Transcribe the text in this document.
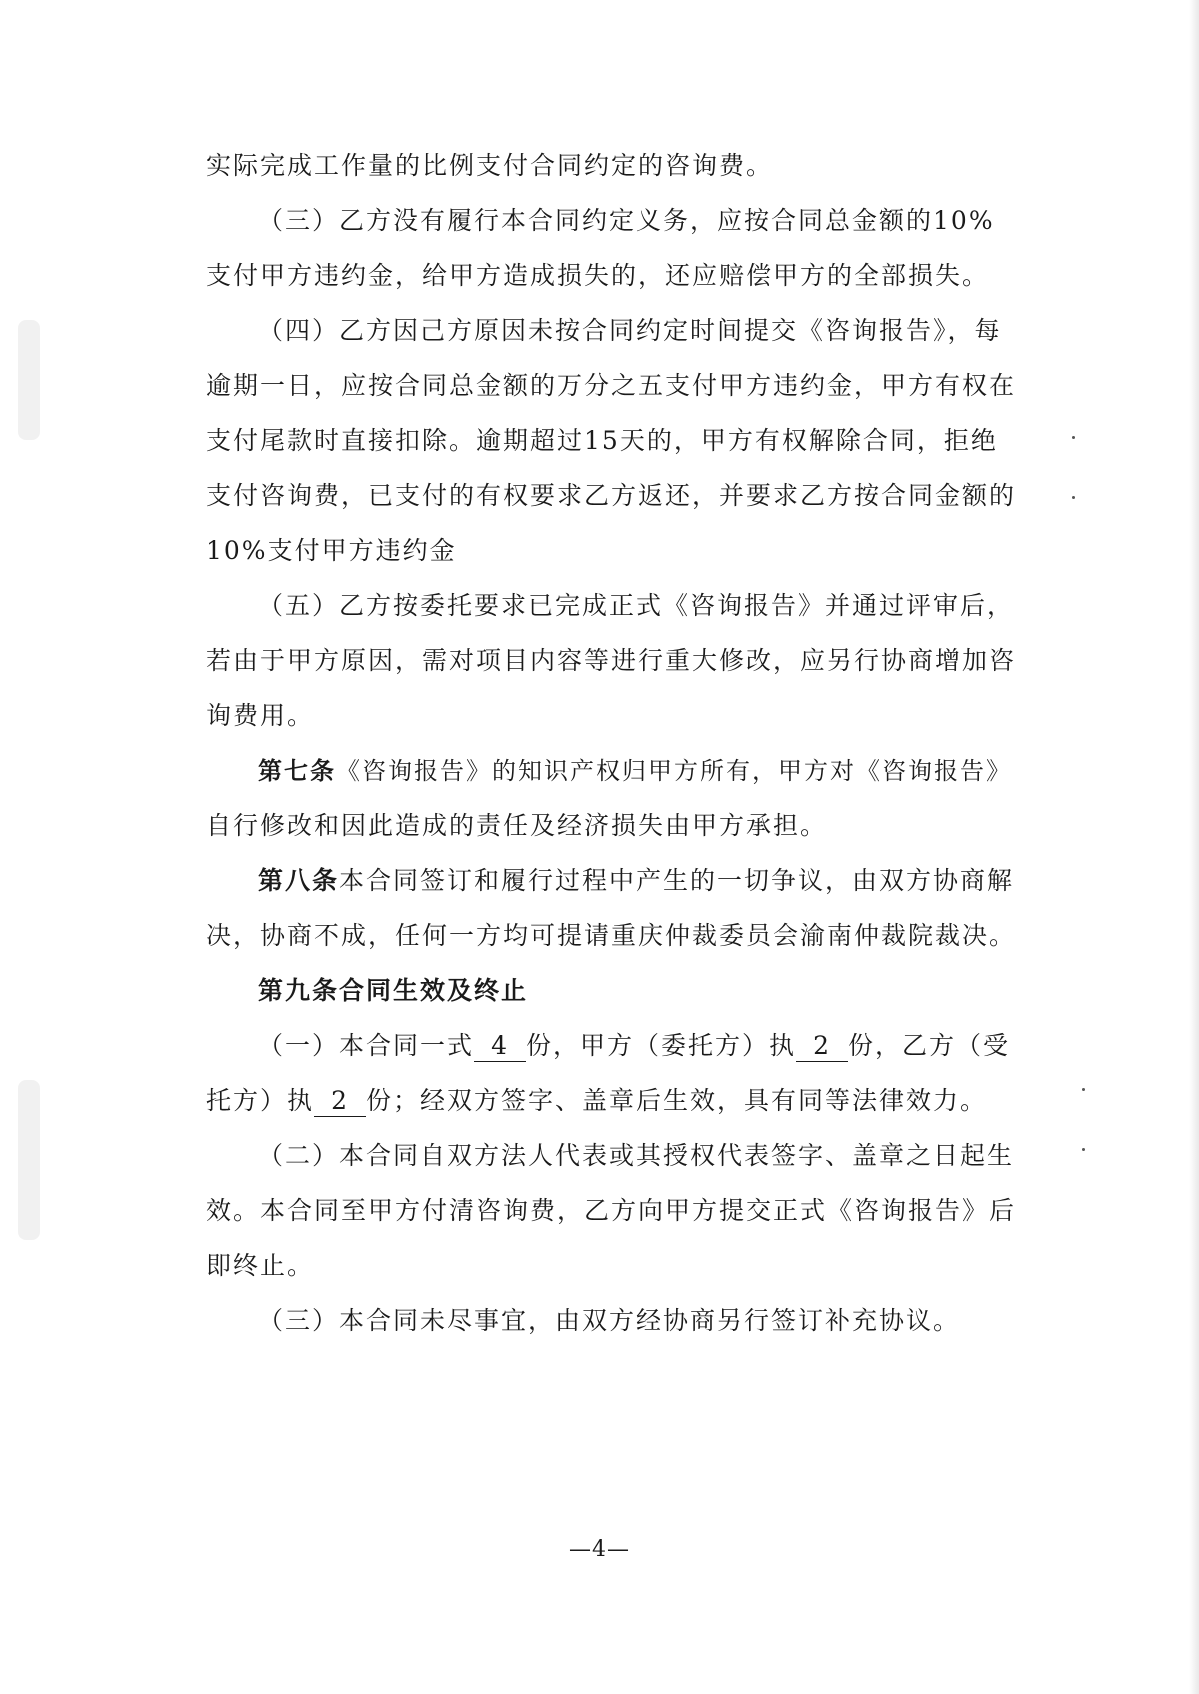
实际完成工作量的比例支付合同约定的咨询费。
（三）乙方没有履行本合同约定义务，应按合同总金额的10%
支付甲方违约金，给甲方造成损失的，还应赔偿甲方的全部损失。
（四）乙方因己方原因未按合同约定时间提交《咨询报告》，每
逾期一日，应按合同总金额的万分之五支付甲方违约金，甲方有权在
支付尾款时直接扣除。逾期超过15天的，甲方有权解除合同，拒绝
支付咨询费，已支付的有权要求乙方返还，并要求乙方按合同金额的
10%支付甲方违约金
（五）乙方按委托要求已完成正式《咨询报告》并通过评审后，
若由于甲方原因，需对项目内容等进行重大修改，应另行协商增加咨
询费用。
第七条《咨询报告》的知识产权归甲方所有，甲方对《咨询报告》
自行修改和因此造成的责任及经济损失由甲方承担。
第八条本合同签订和履行过程中产生的一切争议，由双方协商解
决，协商不成，任何一方均可提请重庆仲裁委员会渝南仲裁院裁决。
第九条合同生效及终止
（一）本合同一式 4 份，甲方（委托方）执 2 份，乙方（受
托方）执 2 份；经双方签字、盖章后生效，具有同等法律效力。
（二）本合同自双方法人代表或其授权代表签字、盖章之日起生
效。本合同至甲方付清咨询费，乙方向甲方提交正式《咨询报告》后
即终止。
（三）本合同未尽事宜，由双方经协商另行签订补充协议。
—4—
